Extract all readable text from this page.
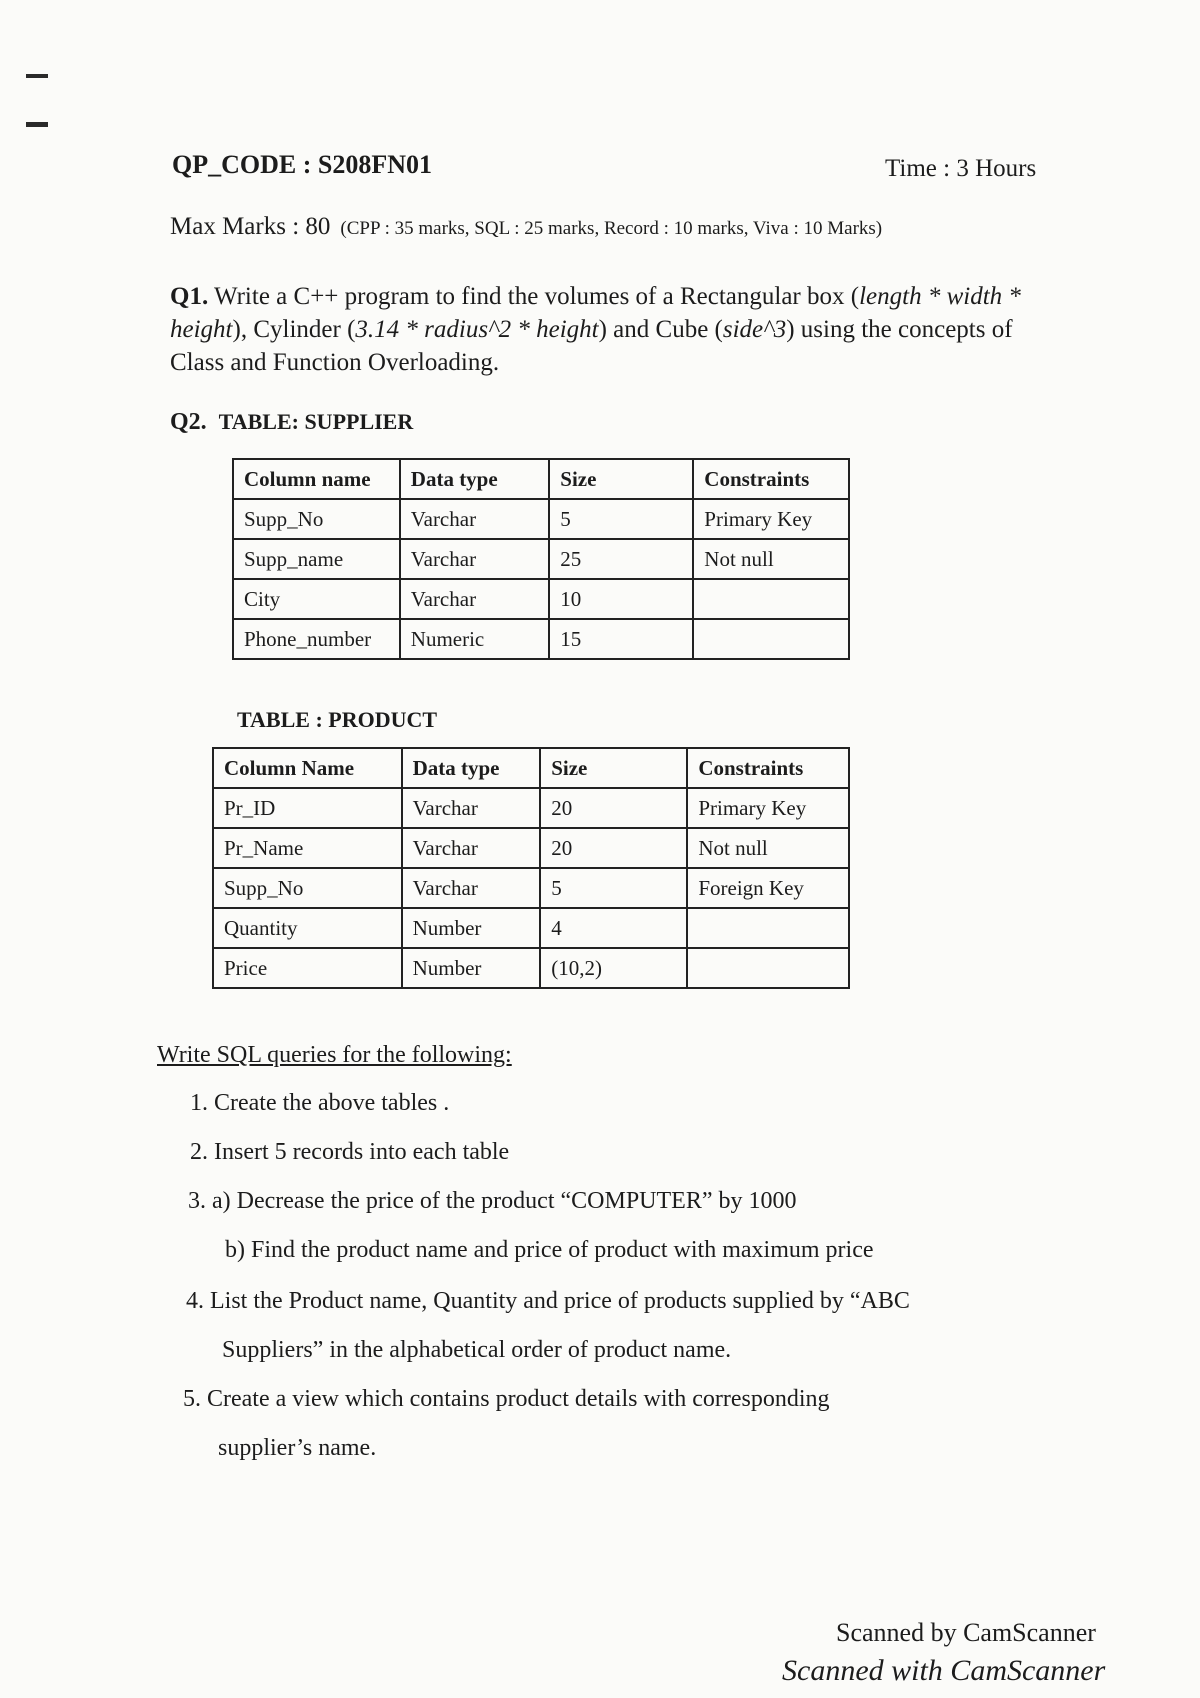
QP_CODE : S208FN01	Time : 3 Hours
Max Marks : 80 (CPP : 35 marks, SQL : 25 marks, Record : 10 marks, Viva : 10 Marks)
Q1. Write a C++ program to find the volumes of a Rectangular box (length * width * height), Cylinder (3.14 * radius^2 * height) and Cube (side^3) using the concepts of Class and Function Overloading.
Q2. TABLE: SUPPLIER
Column name	Data type	Size	Constraints
Supp_No	Varchar	5	Primary Key
Supp_name	Varchar	25	Not null
City	Varchar	10	
Phone_number	Numeric	15	
TABLE : PRODUCT
Column Name	Data type	Size	Constraints
Pr_ID	Varchar	20	Primary Key
Pr_Name	Varchar	20	Not null
Supp_No	Varchar	5	Foreign Key
Quantity	Number	4	
Price	Number	(10,2)	
Write SQL queries for the following:
1. Create the above tables .
2. Insert 5 records into each table
3. a) Decrease the price of the product “COMPUTER” by 1000
b) Find the product name and price of product with maximum price
4. List the Product name, Quantity and price of products supplied by “ABC
Suppliers” in the alphabetical order of product name.
5. Create a view which contains product details with corresponding
supplier’s name.
Scanned by CamScanner
Scanned with CamScanner
